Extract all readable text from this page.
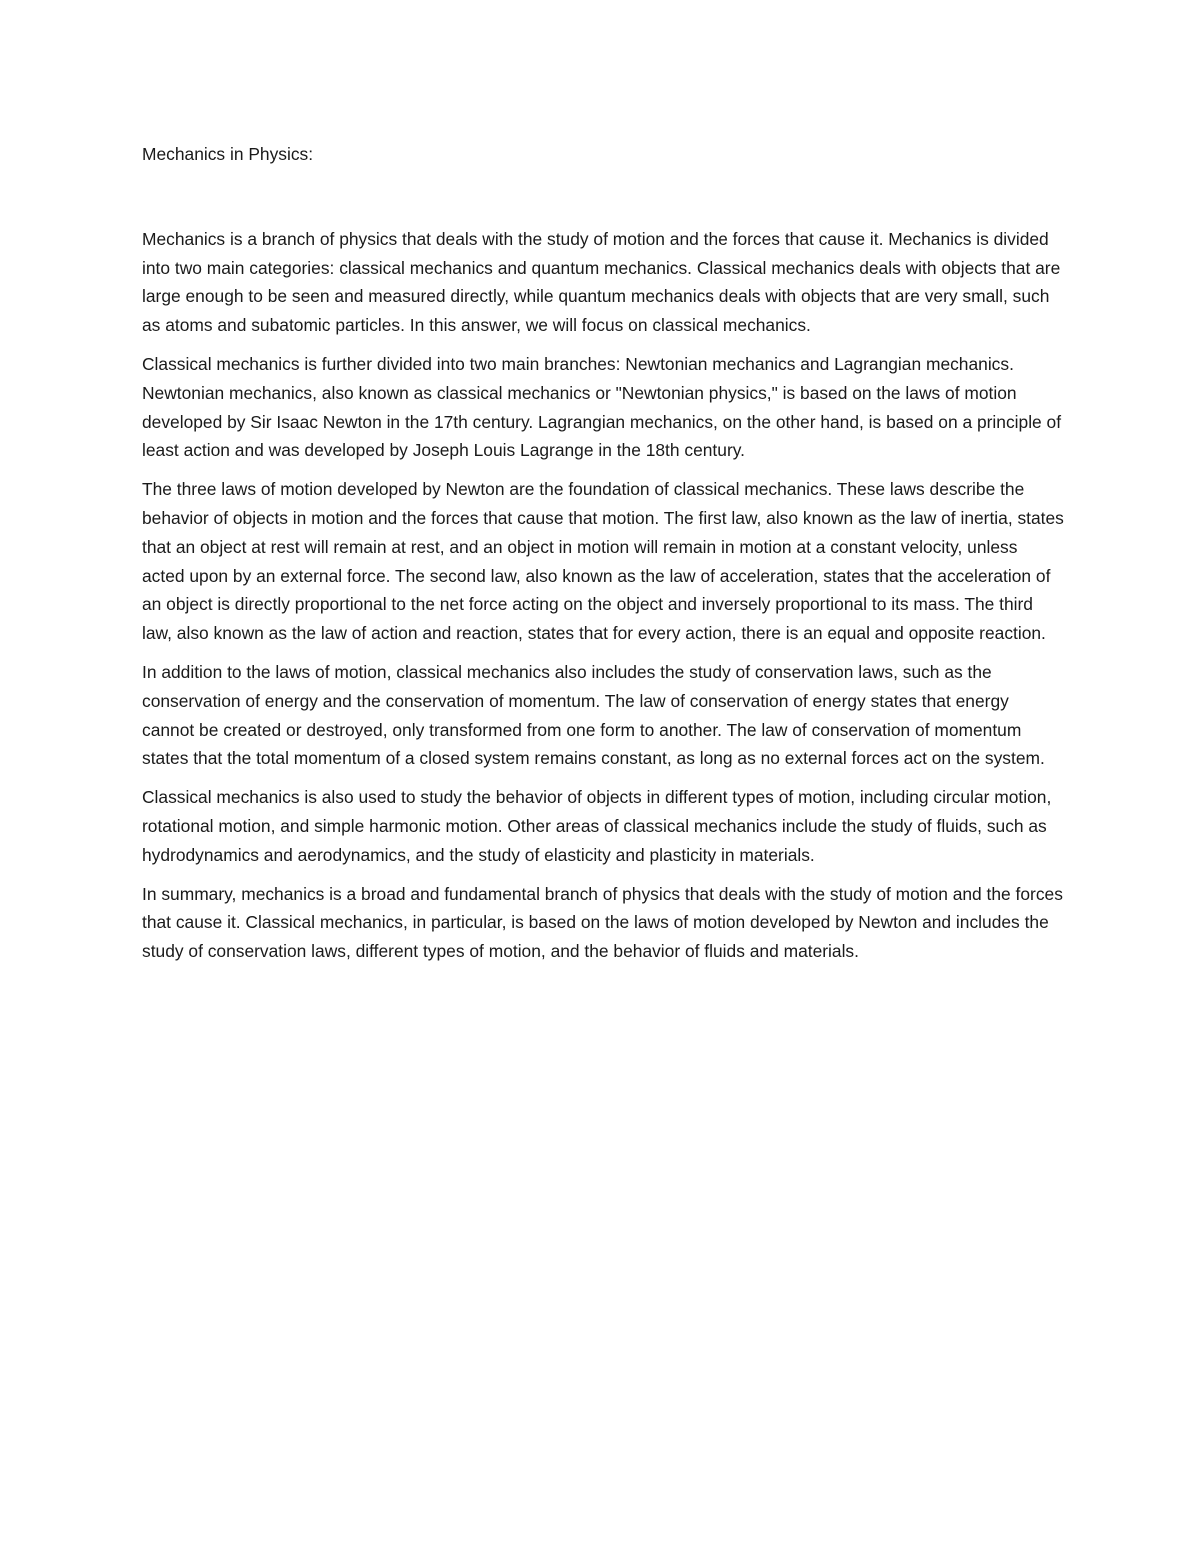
Mechanics in Physics:

Mechanics is a branch of physics that deals with the study of motion and the forces that cause it. Mechanics is divided into two main categories: classical mechanics and quantum mechanics. Classical mechanics deals with objects that are large enough to be seen and measured directly, while quantum mechanics deals with objects that are very small, such as atoms and subatomic particles. In this answer, we will focus on classical mechanics.

Classical mechanics is further divided into two main branches: Newtonian mechanics and Lagrangian mechanics. Newtonian mechanics, also known as classical mechanics or "Newtonian physics," is based on the laws of motion developed by Sir Isaac Newton in the 17th century. Lagrangian mechanics, on the other hand, is based on a principle of least action and was developed by Joseph Louis Lagrange in the 18th century.

The three laws of motion developed by Newton are the foundation of classical mechanics. These laws describe the behavior of objects in motion and the forces that cause that motion. The first law, also known as the law of inertia, states that an object at rest will remain at rest, and an object in motion will remain in motion at a constant velocity, unless acted upon by an external force. The second law, also known as the law of acceleration, states that the acceleration of an object is directly proportional to the net force acting on the object and inversely proportional to its mass. The third law, also known as the law of action and reaction, states that for every action, there is an equal and opposite reaction.

In addition to the laws of motion, classical mechanics also includes the study of conservation laws, such as the conservation of energy and the conservation of momentum. The law of conservation of energy states that energy cannot be created or destroyed, only transformed from one form to another. The law of conservation of momentum states that the total momentum of a closed system remains constant, as long as no external forces act on the system.

Classical mechanics is also used to study the behavior of objects in different types of motion, including circular motion, rotational motion, and simple harmonic motion. Other areas of classical mechanics include the study of fluids, such as hydrodynamics and aerodynamics, and the study of elasticity and plasticity in materials.

In summary, mechanics is a broad and fundamental branch of physics that deals with the study of motion and the forces that cause it. Classical mechanics, in particular, is based on the laws of motion developed by Newton and includes the study of conservation laws, different types of motion, and the behavior of fluids and materials.
